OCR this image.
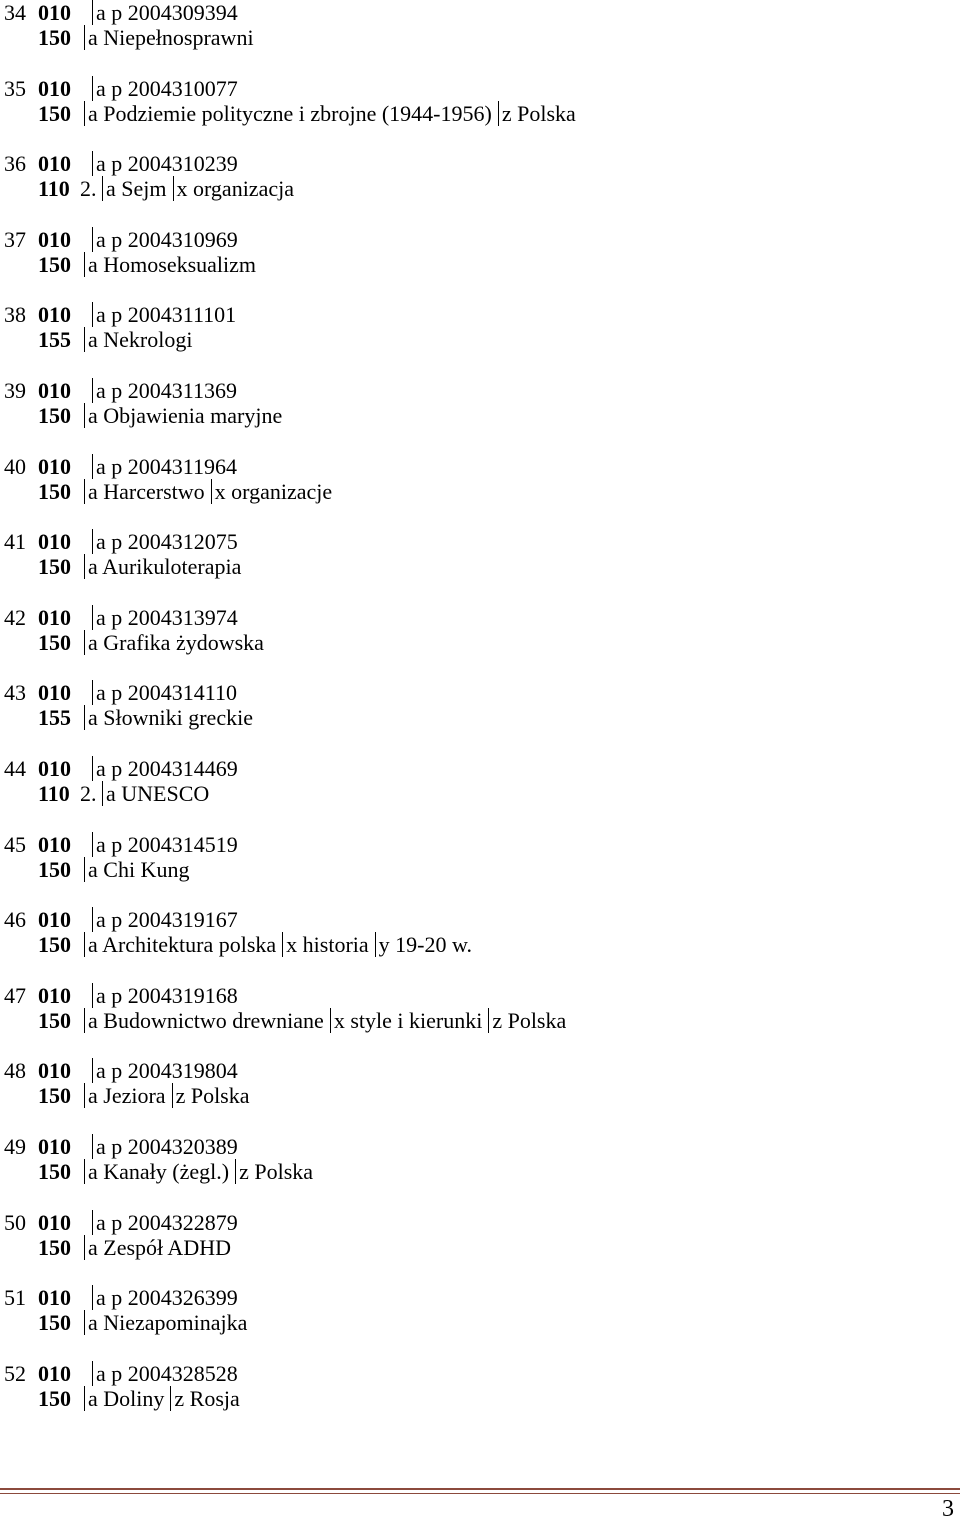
34 010 a p 2004309394
150 a Niepełnosprawni
35 010 a p 2004310077
150 a Podziemie polityczne i zbrojne (1944-1956) z Polska
36 010 a p 2004310239
110 2. a Sejm x organizacja
37 010 a p 2004310969
150 a Homoseksualizm
38 010 a p 2004311101
155 a Nekrologi
39 010 a p 2004311369
150 a Objawienia maryjne
40 010 a p 2004311964
150 a Harcerstwo x organizacje
41 010 a p 2004312075
150 a Aurikuloterapia
42 010 a p 2004313974
150 a Grafika żydowska
43 010 a p 2004314110
155 a Słowniki greckie
44 010 a p 2004314469
110 2. a UNESCO
45 010 a p 2004314519
150 a Chi Kung
46 010 a p 2004319167
150 a Architektura polska x historia y 19-20 w.
47 010 a p 2004319168
150 a Budownictwo drewniane x style i kierunki z Polska
48 010 a p 2004319804
150 a Jeziora z Polska
49 010 a p 2004320389
150 a Kanały (żegl.) z Polska
50 010 a p 2004322879
150 a Zespół ADHD
51 010 a p 2004326399
150 a Niezapominajka
52 010 a p 2004328528
150 a Doliny z Rosja
3
